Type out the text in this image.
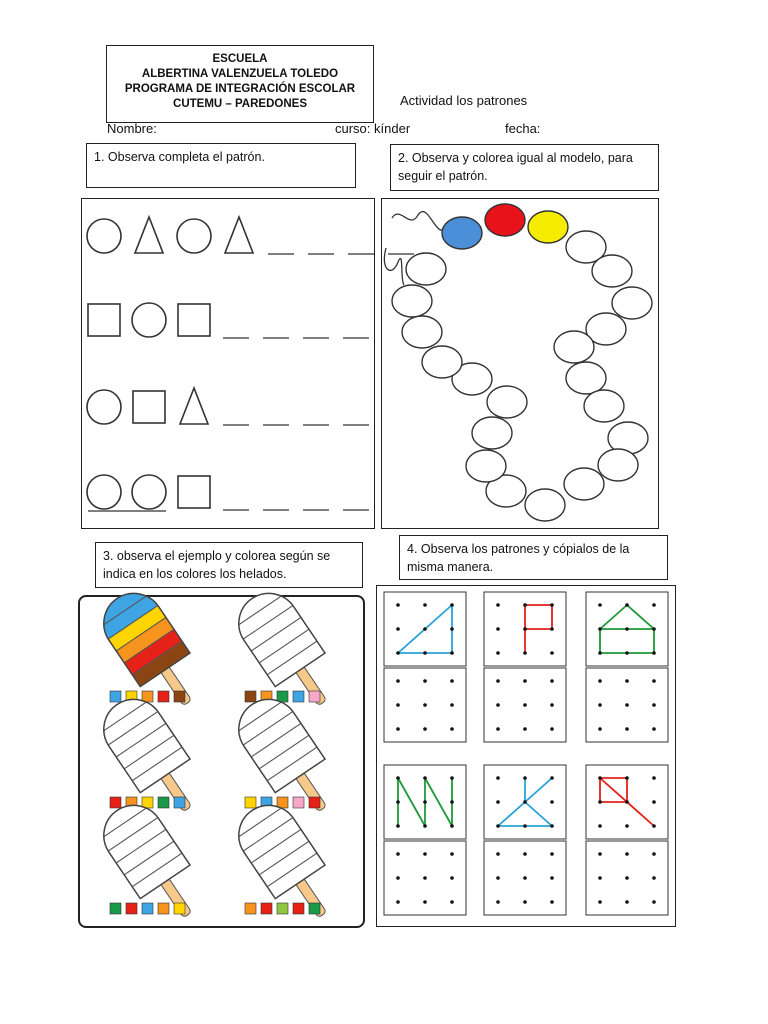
ESCUELA
ALBERTINA VALENZUELA TOLEDO
PROGRAMA DE INTEGRACIÓN ESCOLAR
CUTEMU – PAREDONES	Actividad los patrones
Nombre:	curso: kínder	fecha:
1. Observa completa el patrón.	2. Observa y colorea igual al modelo, para seguir el patrón.
3. observa el ejemplo y colorea según se indica en los colores los helados.
4. Observa los patrones y cópialos de la misma manera.
